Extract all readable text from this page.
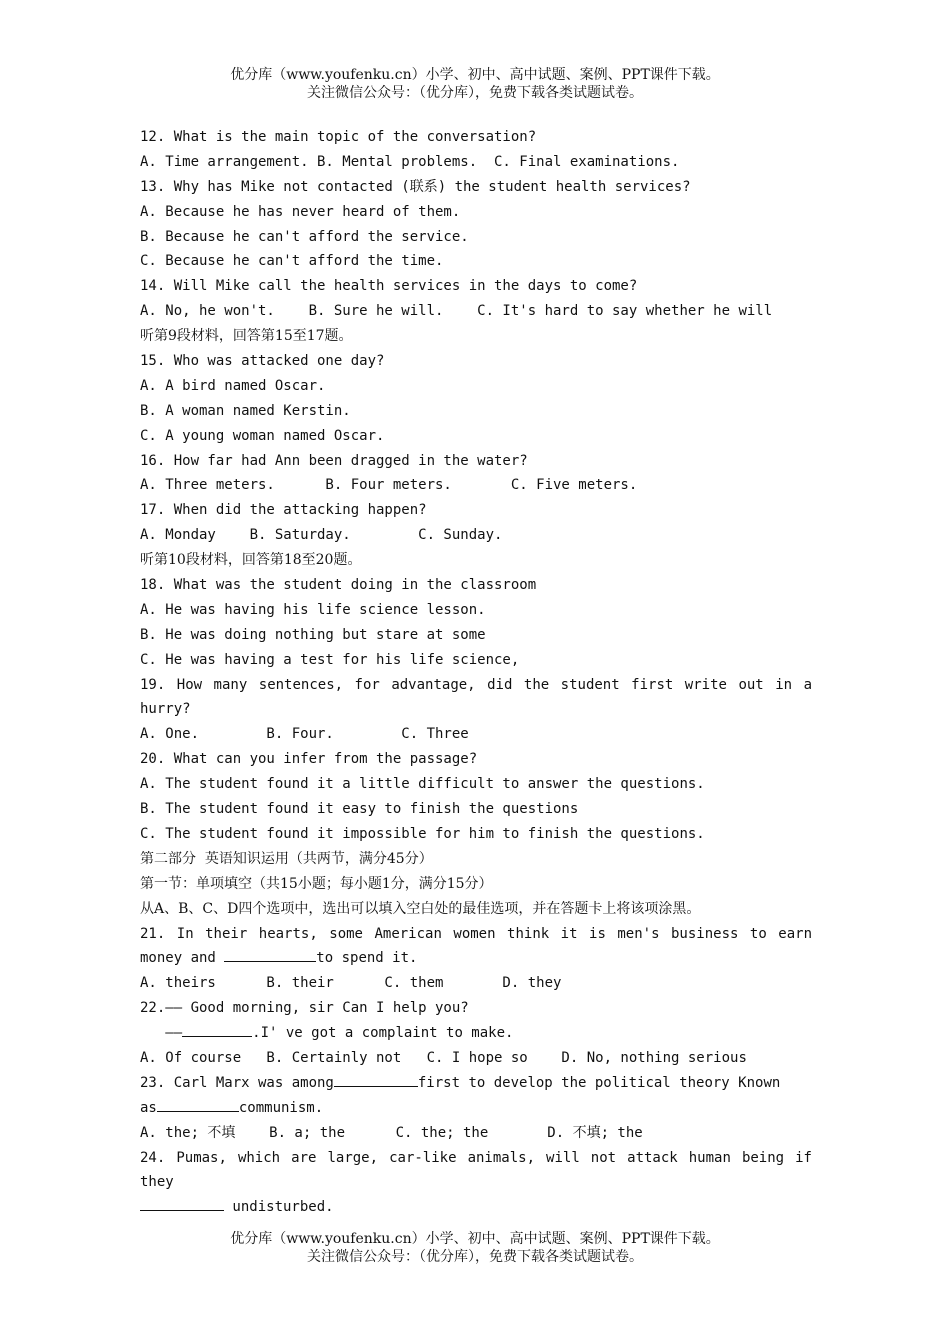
优分库（www.youfenku.cn）小学、初中、高中试题、案例、PPT课件下载。
关注微信公众号：（优分库），免费下载各类试题试卷。
12. What is the main topic of the conversation?
A. Time arrangement. B. Mental problems.  C. Final examinations.
13. Why has Mike not contacted (联系) the student health services?
A. Because he has never heard of them.
B. Because he can't afford the service.
C. Because he can't afford the time.
14. Will Mike call the health services in the days to come?
A. No, he won't.    B. Sure he will.    C. It's hard to say whether he will
听第9段材料，回答第15至17题。
15. Who was attacked one day?
A. A bird named Oscar.
B. A woman named Kerstin.
C. A young woman named Oscar.
16. How far had Ann been dragged in the water?
A. Three meters.      B. Four meters.       C. Five meters.
17. When did the attacking happen?
A. Monday    B. Saturday.        C. Sunday.
听第10段材料，回答第18至20题。
18. What was the student doing in the classroom
A. He was having his life science lesson.
B. He was doing nothing but stare at some
C. He was having a test for his life science,
19. How many sentences, for advantage, did the student first write out in a
hurry?
A. One.        B. Four.        C. Three
20. What can you infer from the passage?
A. The student found it a little difficult to answer the questions.
B. The student found it easy to finish the questions
C. The student found it impossible for him to finish the questions.
第二部分  英语知识运用（共两节，满分45分）
第一节：单项填空（共15小题；每小题1分，满分15分）
从A、B、C、D四个选项中，选出可以填入空白处的最佳选项，并在答题卡上将该项涂黑。
21. In their hearts, some American women think it is men's business to earn
money and	to spend it.
A. theirs      B. their      C. them       D. they
22.—— Good morning, sir Can I help you?
——	.I' ve got a complaint to make.
A. Of course   B. Certainly not   C. I hope so    D. No, nothing serious
23. Carl Marx was among	first to develop the political theory Known
as	communism.
A. the; 不填    B. a; the      C. the; the       D. 不填; the
24. Pumas, which are large, car-like animals, will not attack human being if
they
undisturbed.
优分库（www.youfenku.cn）小学、初中、高中试题、案例、PPT课件下载。
关注微信公众号：（优分库），免费下载各类试题试卷。
